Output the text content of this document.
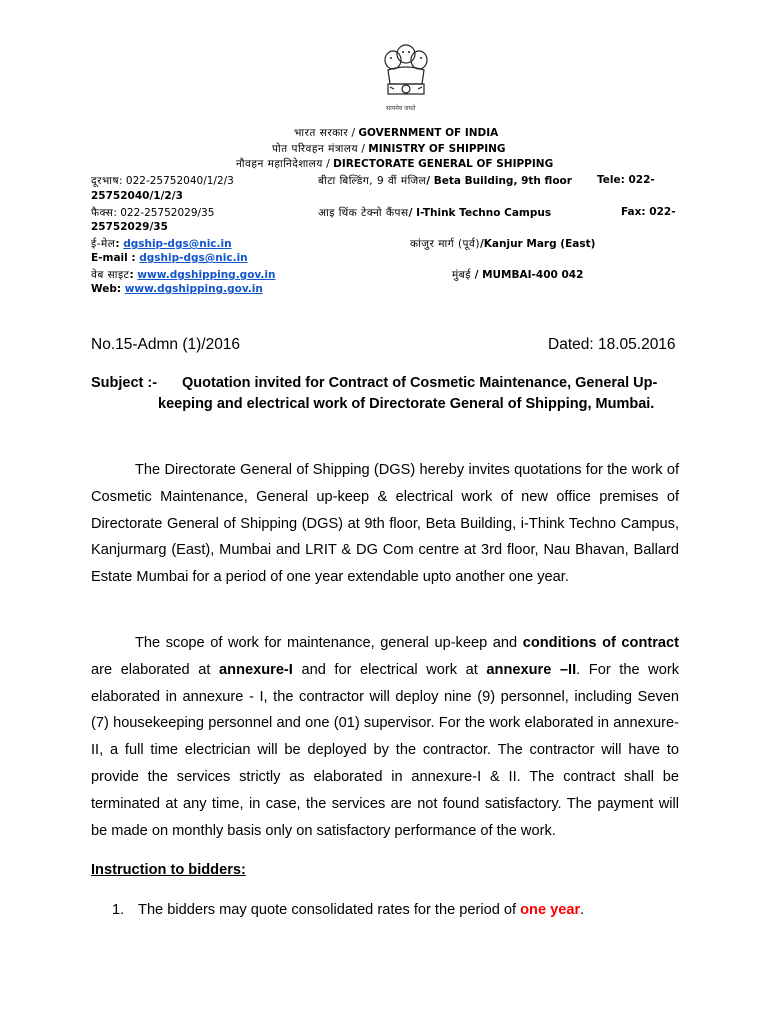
सत्यमेव जयते
भारत सरकार / GOVERNMENT OF INDIA
पोत परिवहन मंत्रालय / MINISTRY OF SHIPPING
नौवहन महानिदेशालय / DIRECTORATE GENERAL OF SHIPPING
दूरभाष: 022-25752040/1/2/3	बीटा बिल्डिंग, 9 वीं मंजिल/ Beta Building, 9th floor Tele: 022-
25752040/1/2/3
फैक्स: 022-25752029/35	आइ थिंक टेक्नो कैंपस/ I-Think Techno Campus	Fax: 022-
25752029/35
ई-मेल: dgship-dgs@nic.in	कांजुर मार्ग (पूर्व)/Kanjur Marg (East)
E-mail : dgship-dgs@nic.in
वेब साइट: www.dgshipping.gov.in	मुंबई / MUMBAI-400 042
Web: www.dgshipping.gov.in
No.15-Admn (1)/2016	Dated: 18.05.2016
Subject :- Quotation invited for Contract of Cosmetic Maintenance, General Up-
keeping and electrical work of Directorate General of Shipping, Mumbai.
The Directorate General of Shipping (DGS) hereby invites quotations for the work of Cosmetic Maintenance, General up-keep & electrical work of new office premises of Directorate General of Shipping (DGS) at 9th floor, Beta Building, i-Think Techno Campus, Kanjurmarg (East), Mumbai and LRIT & DG Com centre at 3rd floor, Nau Bhavan, Ballard Estate Mumbai for a period of one year extendable upto another one year.
The scope of work for maintenance, general up-keep and conditions of contract are elaborated at annexure-I and for electrical work at annexure –II. For the work elaborated in annexure - I, the contractor will deploy nine (9) personnel, including Seven (7) housekeeping personnel and one (01) supervisor. For the work elaborated in annexure-II, a full time electrician will be deployed by the contractor. The contractor will have to provide the services strictly as elaborated in annexure-I & II. The contract shall be terminated at any time, in case, the services are not found satisfactory. The payment will be made on monthly basis only on satisfactory performance of the work.
Instruction to bidders:
1. The bidders may quote consolidated rates for the period of one year.
